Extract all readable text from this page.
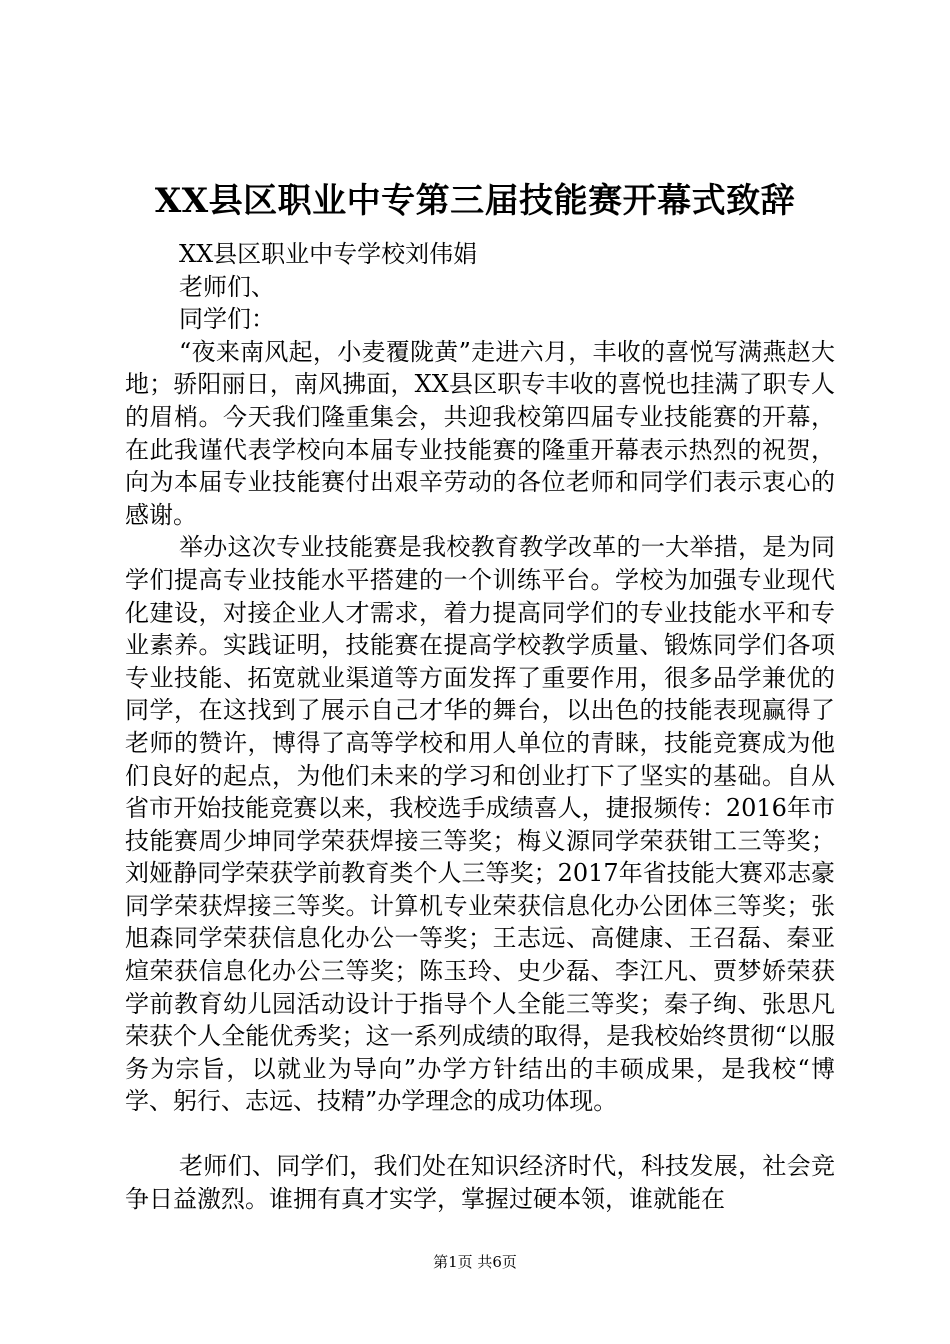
XX县区职业中专第三届技能赛开幕式致辞

XX县区职业中专学校刘伟娟

老师们、

同学们：

“夜来南风起，小麦覆陇黄”走进六月，丰收的喜悦写满燕赵大地；骄阳丽日，南风拂面，XX县区职专丰收的喜悦也挂满了职专人的眉梢。今天我们隆重集会，共迎我校第四届专业技能赛的开幕，在此我谨代表学校向本届专业技能赛的隆重开幕表示热烈的祝贺，向为本届专业技能赛付出艰辛劳动的各位老师和同学们表示衷心的感谢。

举办这次专业技能赛是我校教育教学改革的一大举措，是为同学们提高专业技能水平搭建的一个训练平台。学校为加强专业现代化建设，对接企业人才需求，着力提高同学们的专业技能水平和专业素养。实践证明，技能赛在提高学校教学质量、锻炼同学们各项专业技能、拓宽就业渠道等方面发挥了重要作用，很多品学兼优的同学，在这找到了展示自己才华的舞台，以出色的技能表现赢得了老师的赞许，博得了高等学校和用人单位的青睐，技能竞赛成为他们良好的起点，为他们未来的学习和创业打下了坚实的基础。自从省市开始技能竞赛以来，我校选手成绩喜人，捷报频传：2016年市技能赛周少坤同学荣获焊接三等奖；梅义源同学荣获钳工三等奖；刘娅静同学荣获学前教育类个人三等奖；2017年省技能大赛邓志豪同学荣获焊接三等奖。计算机专业荣获信息化办公团体三等奖；张旭森同学荣获信息化办公一等奖；王志远、高健康、王召磊、秦亚煊荣获信息化办公三等奖；陈玉玲、史少磊、李江凡、贾梦娇荣获学前教育幼儿园活动设计于指导个人全能三等奖；秦子绚、张思凡荣获个人全能优秀奖；这一系列成绩的取得，是我校始终贯彻“以服务为宗旨，以就业为导向”办学方针结出的丰硕成果，是我校“博学、躬行、志远、技精”办学理念的成功体现。

老师们、同学们，我们处在知识经济时代，科技发展，社会竞争日益激烈。谁拥有真才实学，掌握过硬本领，谁就能在

第1页 共6页
